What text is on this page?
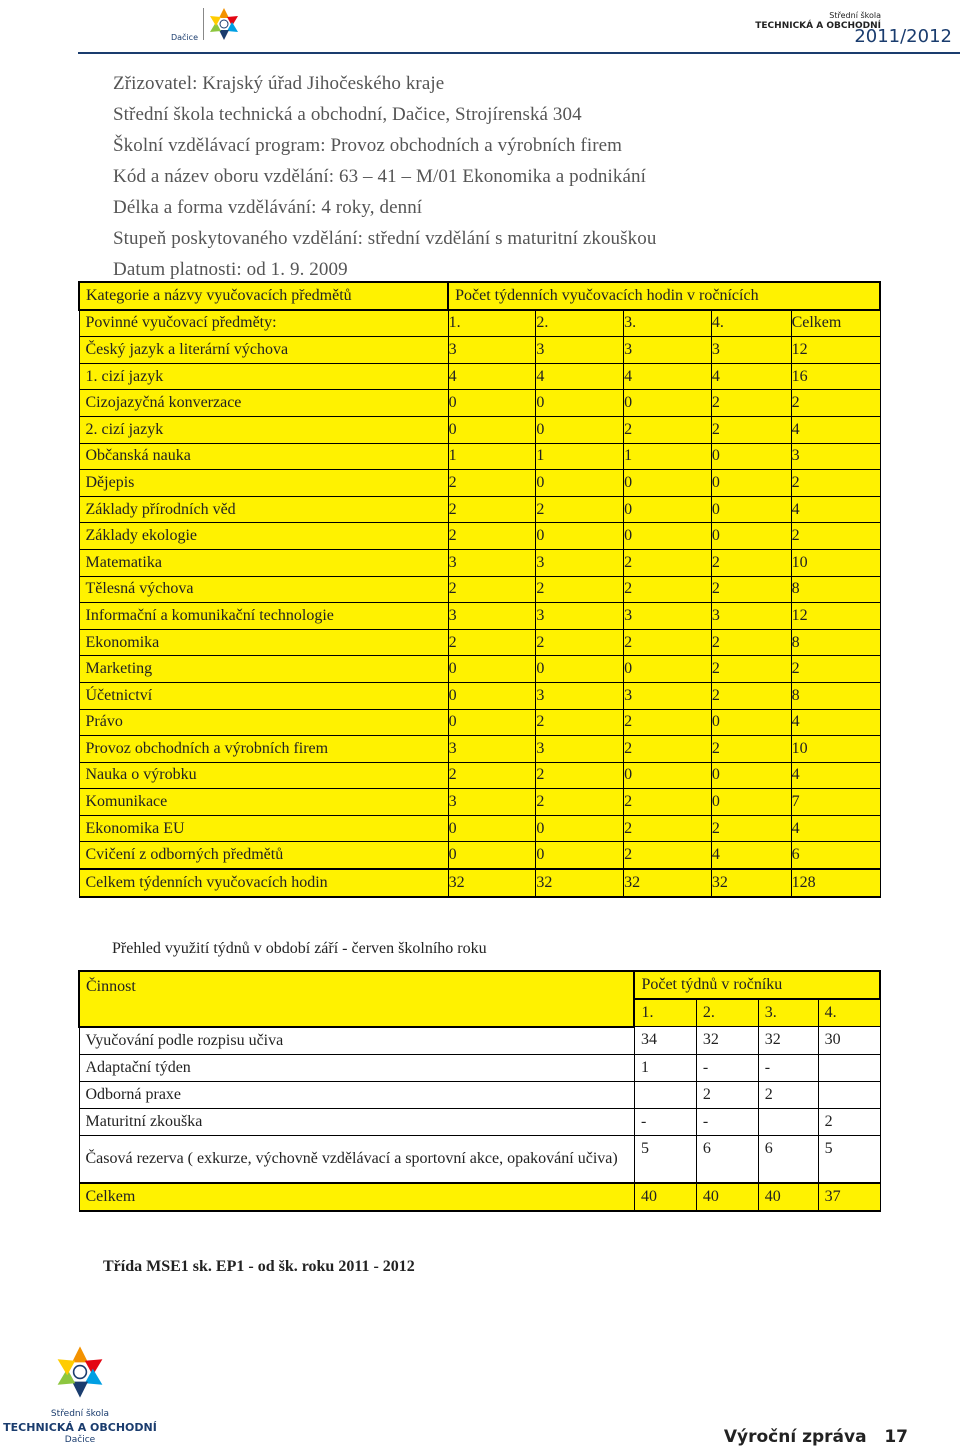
Střední škola
TECHNICKÁ A OBCHODNÍ
Dačice	2011/2012
Zřizovatel: Krajský úřad Jihočeského kraje
Střední škola technická a obchodní, Dačice, Strojírenská 304
Školní vzdělávací program: Provoz obchodních a výrobních firem
Kód a název oboru vzdělání: 63 – 41 – M/01 Ekonomika a podnikání
Délka a forma vzdělávání: 4 roky, denní
Stupeň poskytovaného vzdělání: střední vzdělání s maturitní zkouškou
Datum platnosti: od 1. 9. 2009
Kategorie a názvy vyučovacích předmětů	Počet týdenních vyučovacích hodin v ročnících				
Povinné vyučovací předměty:	1.	2.	3.	4.	Celkem
Český jazyk a literární výchova	3	3	3	3	12
1. cizí jazyk	4	4	4	4	16
Cizojazyčná konverzace	0	0	0	2	2
2. cizí jazyk	0	0	2	2	4
Občanská nauka	1	1	1	0	3
Dějepis	2	0	0	0	2
Základy přírodních věd	2	2	0	0	4
Základy ekologie	2	0	0	0	2
Matematika	3	3	2	2	10
Tělesná výchova	2	2	2	2	8
Informační a komunikační technologie	3	3	3	3	12
Ekonomika	2	2	2	2	8
Marketing	0	0	0	2	2
Účetnictví	0	3	3	2	8
Právo	0	2	2	0	4
Provoz obchodních a výrobních firem	3	3	2	2	10
Nauka o výrobku	2	2	0	0	4
Komunikace	3	2	2	0	7
Ekonomika EU	0	0	2	2	4
Cvičení z odborných předmětů	0	0	2	4	6
Celkem týdenních vyučovacích hodin	32	32	32	32	128
Přehled využití týdnů v období září - červen školního roku
Činnost	Počet týdnů v ročníku			
	1.	2.	3.	4.
Vyučování podle rozpisu učiva	34	32	32	30
Adaptační týden	1	-	-	
Odborná praxe		2	2	
Maturitní zkouška	-	-		2
Časová rezerva ( exkurze, výchovně vzdělávací a sportovní akce, opakování učiva)	5	6	6	5
Celkem	40	40	40	37
Třída MSE1 sk. EP1 - od šk. roku 2011 - 2012
Střední škola
TECHNICKÁ A OBCHODNÍ
Dačice	Výroční zpráva 17
